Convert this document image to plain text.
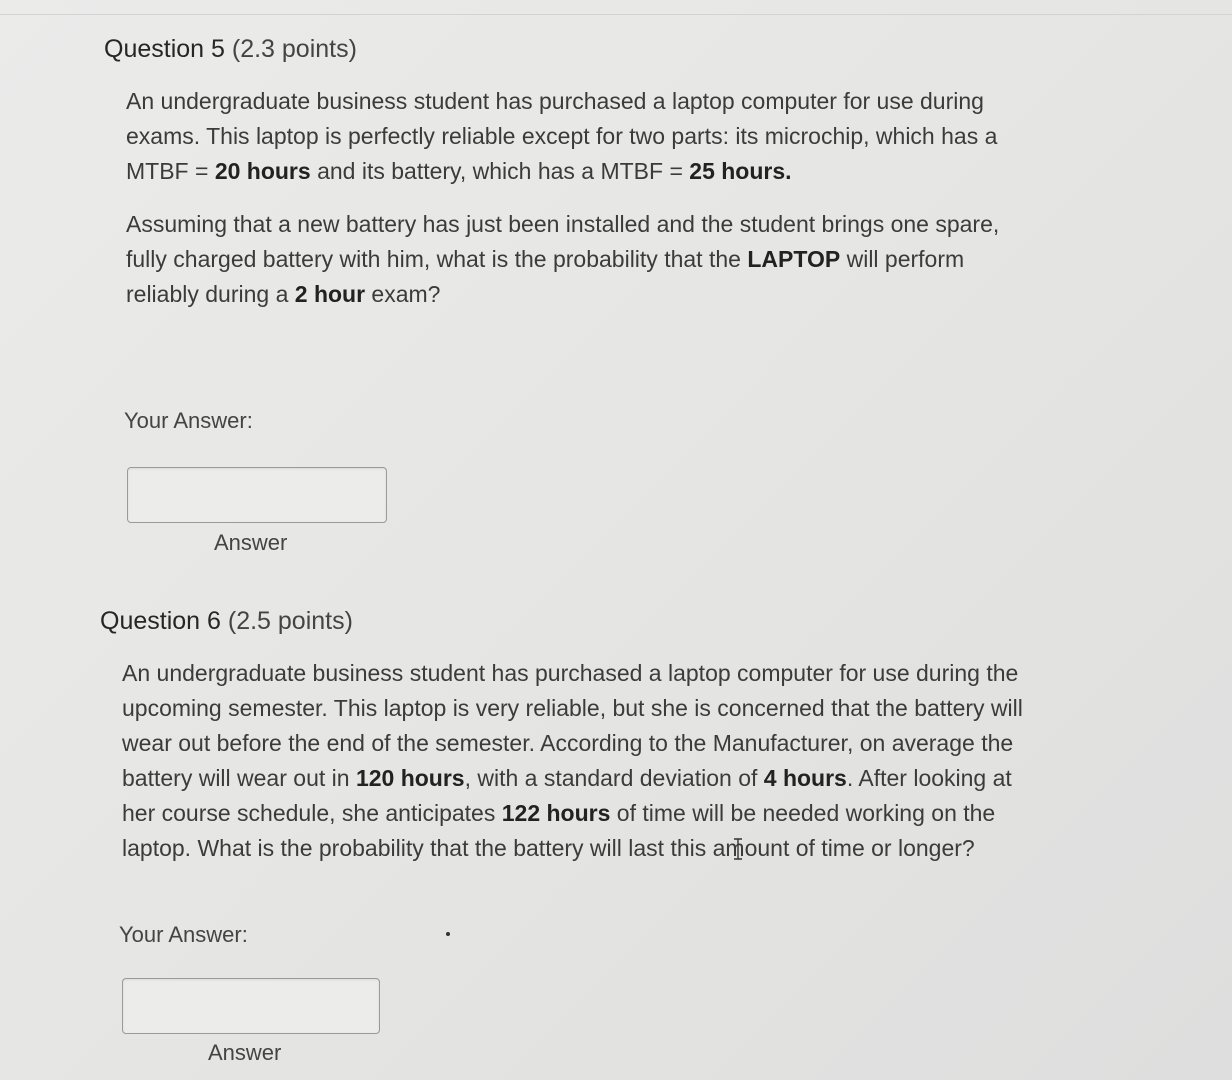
Question 5 (2.3 points)

An undergraduate business student has purchased a laptop computer for use during exams. This laptop is perfectly reliable except for two parts: its microchip, which has a MTBF = 20 hours and its battery, which has a MTBF = 25 hours.

Assuming that a new battery has just been installed and the student brings one spare, fully charged battery with him, what is the probability that the LAPTOP will perform reliably during a 2 hour exam?

Your Answer:
Answer
Question 6 (2.5 points)

An undergraduate business student has purchased a laptop computer for use during the upcoming semester. This laptop is very reliable, but she is concerned that the battery will wear out before the end of the semester. According to the Manufacturer, on average the battery will wear out in 120 hours, with a standard deviation of 4 hours. After looking at her course schedule, she anticipates 122 hours of time will be needed working on the laptop. What is the probability that the battery will last this amount of time or longer?

Your Answer:
Answer
